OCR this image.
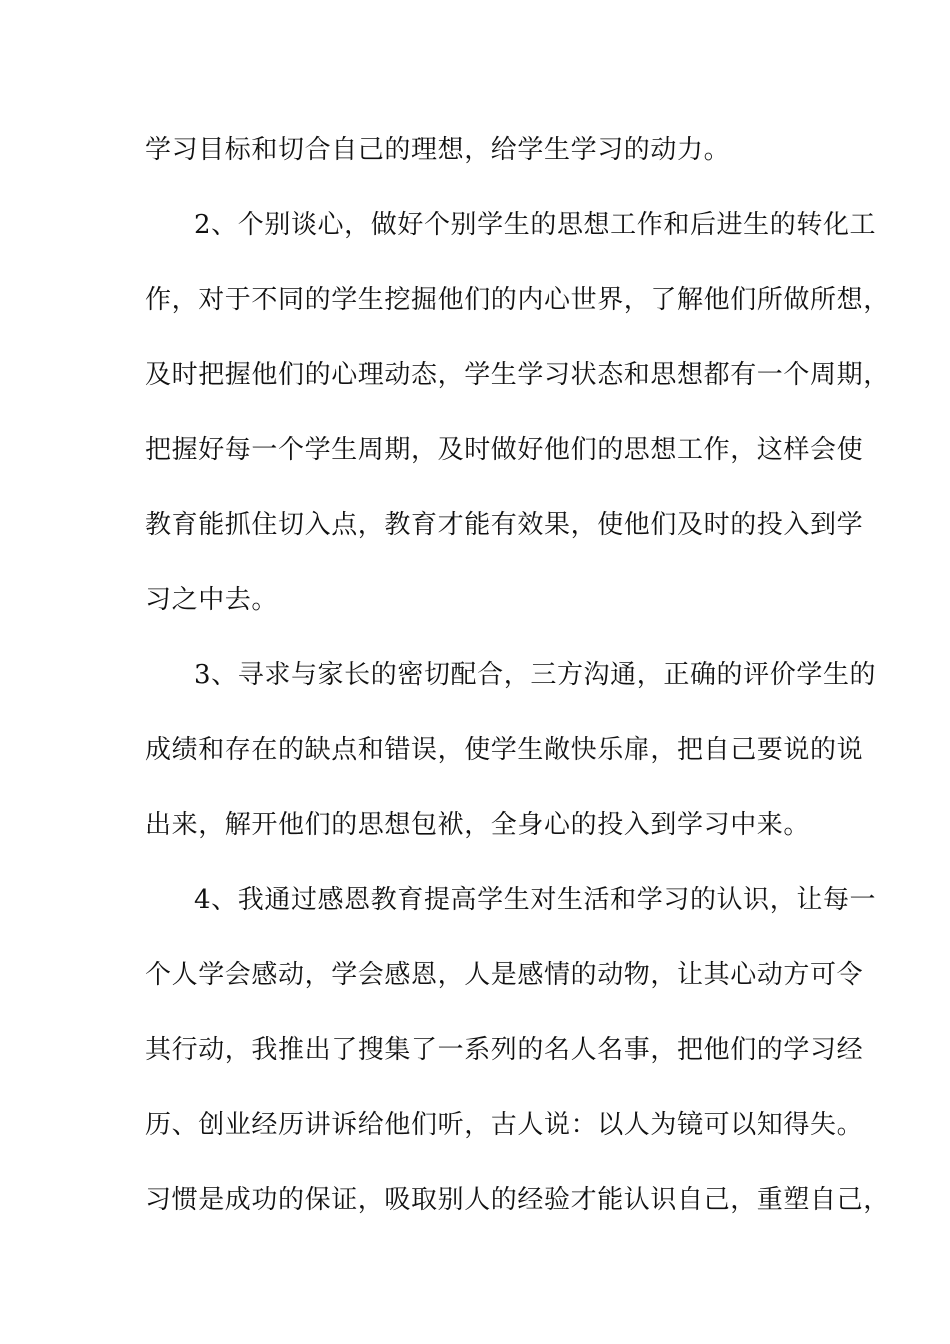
学习目标和切合自己的理想，给学生学习的动力。

2、个别谈心，做好个别学生的思想工作和后进生的转化工

作，对于不同的学生挖掘他们的内心世界，了解他们所做所想，

及时把握他们的心理动态，学生学习状态和思想都有一个周期，

把握好每一个学生周期，及时做好他们的思想工作，这样会使

教育能抓住切入点，教育才能有效果，使他们及时的投入到学

习之中去。

3、寻求与家长的密切配合，三方沟通，正确的评价学生的

成绩和存在的缺点和错误，使学生敞快乐扉，把自己要说的说

出来，解开他们的思想包袱，全身心的投入到学习中来。

4、我通过感恩教育提高学生对生活和学习的认识，让每一

个人学会感动，学会感恩，人是感情的动物，让其心动方可令

其行动，我推出了搜集了一系列的名人名事，把他们的学习经

历、创业经历讲诉给他们听，古人说：以人为镜可以知得失。

习惯是成功的保证，吸取别人的经验才能认识自己，重塑自己，
